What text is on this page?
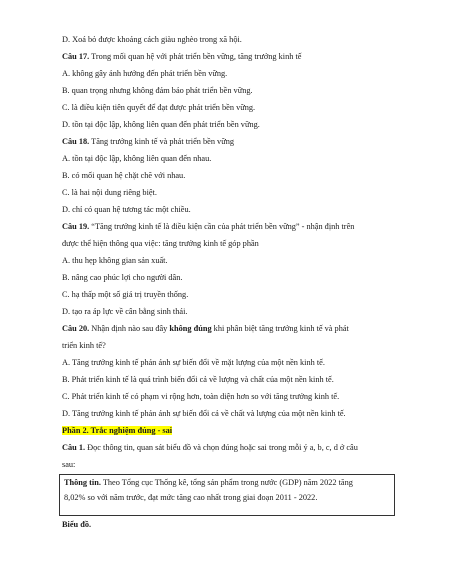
D. Xoá bỏ được khoảng cách giàu nghèo trong xã hội.
Câu 17. Trong mối quan hệ với phát triển bền vững, tăng trưởng kinh tế
A. không gây ảnh hưởng đến phát triển bền vững.
B. quan trọng nhưng không đảm bảo phát triển bền vững.
C. là điều kiện tiên quyết để đạt được phát triển bền vững.
D. tồn tại độc lập, không liên quan đến phát triển bền vững.
Câu 18. Tăng trưởng kinh tế và phát triển bền vững
A. tồn tại độc lập, không liên quan đến nhau.
B. có mối quan hệ chặt chẽ với nhau.
C. là hai nội dung riêng biệt.
D. chỉ có quan hệ tương tác một chiều.
Câu 19. “Tăng trưởng kinh tế là điều kiện cần của phát triển bền vững” - nhận định trên
được thể hiện thông qua việc: tăng trưởng kinh tế góp phần
A. thu hẹp không gian sản xuất.
B. nâng cao phúc lợi cho người dân.
C. hạ thấp một số giá trị truyền thống.
D. tạo ra áp lực về cân bằng sinh thái.
Câu 20. Nhận định nào sau đây không đúng khi phân biệt tăng trưởng kinh tế và phát
triển kinh tế?
A. Tăng trưởng kinh tế phản ánh sự biến đổi về mặt lượng của một nền kinh tế.
B. Phát triển kinh tế là quá trình biến đổi cả về lượng và chất của một nền kinh tế.
C. Phát triển kinh tế có phạm vi rộng hơn, toàn diện hơn so với tăng trưởng kinh tế.
D. Tăng trưởng kinh tế phản ánh sự biến đổi cả về chất và lượng của một nền kinh tế.
Phần 2. Trắc nghiệm đúng - sai
Câu 1. Đọc thông tin, quan sát biểu đồ và chọn đúng hoặc sai trong mỗi ý a, b, c, d ở câu
sau:
Thông tin. Theo Tổng cục Thống kê, tổng sản phẩm trong nước (GDP) năm 2022 tăng
8,02% so với năm trước, đạt mức tăng cao nhất trong giai đoạn 2011 - 2022.
Biểu đồ.
